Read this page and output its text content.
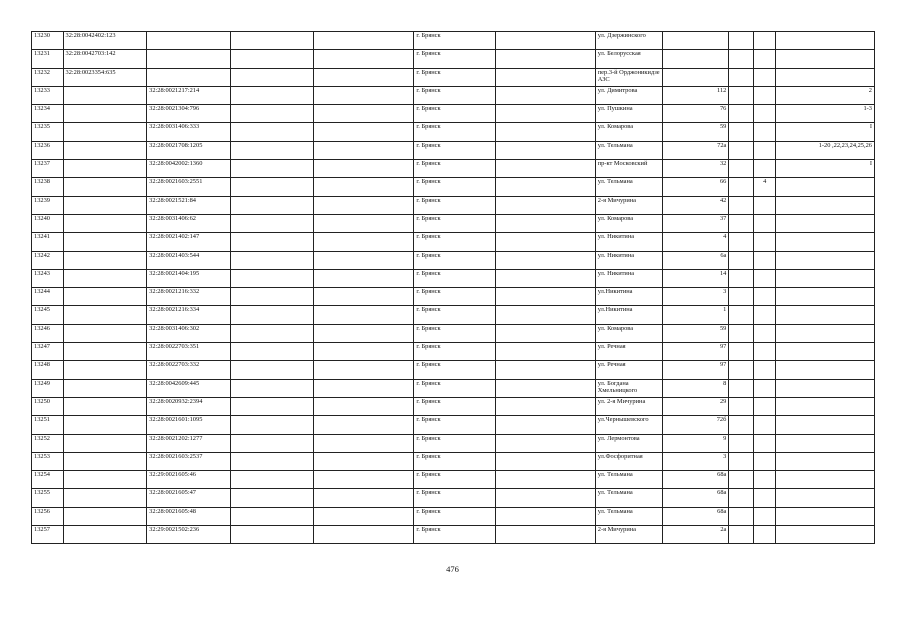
13230	32:28:0042402:123				г. Брянск		ул. Дзержинского				
13231	32:28:0042703:142				г. Брянск		ул. Белорусская				
13232	32:28:0023354:635				г. Брянск		пер.3-й Орджоникидзе АЗС				
13233		32:28:0021217:214			г. Брянск		ул. Димитрова	112			2
13234		32:28:0021304:796			г. Брянск		ул. Пушкина	76			1-3
13235		32:28:0031406:333			г. Брянск		ул. Комарова	59			I
13236		32:28:0021708:1205			г. Брянск		ул. Тельмана	72а			1-20 ,22,23,24,25,26
13237		32:28:0042002:1360			г. Брянск		пр-кт Московский	32			I
13238		32:28:0021603:2551			г. Брянск		ул. Тельмана	66		4	
13239		32:28:0021521:84			г. Брянск		2-я Мичурина	42			
13240		32:28:0031406:62			г. Брянск		ул. Комарова	37			
13241		32:28:0021402:147			г. Брянск		ул. Никитина	4			
13242		32:28:0021403:544			г. Брянск		ул. Никитина	6а			
13243		32:28:0021404:195			г. Брянск		ул. Никитина	14			
13244		32:28:0021216:332			г. Брянск		ул.Никитина	3			
13245		32:28:0021216:334			г. Брянск		ул.Никитина	1			
13246		32:28:0031406:302			г. Брянск		ул. Комарова	59			
13247		32:28:0022703:351			г. Брянск		ул. Речная	97			
13248		32:28:0022703:332			г. Брянск		ул. Речная	97			
13249		32:28:0042609:445			г. Брянск		ул. Богдана Хмельницкого	8			
13250		32:28:0020932:2394			г. Брянск		ул. 2-я Мичурина	29			
13251		32:28:0021601:1095			г. Брянск		ул.Чернышевского	72б			
13252		32:28:0021202:1277			г. Брянск		ул. Лермонтова	9			
13253		32:28:0021603:2537			г. Брянск		ул.Фосфоритная	3			
13254		32:29:0021605:46			г. Брянск		ул. Тельмана	68а			
13255		32:28:0021605:47			г. Брянск		ул. Тельмана	68а			
13256		32:28:0021605:48			г. Брянск		ул. Тельмана	68а			
13257		32:29:0021502:236			г. Брянск		2-я Мичурина	2а			
476
